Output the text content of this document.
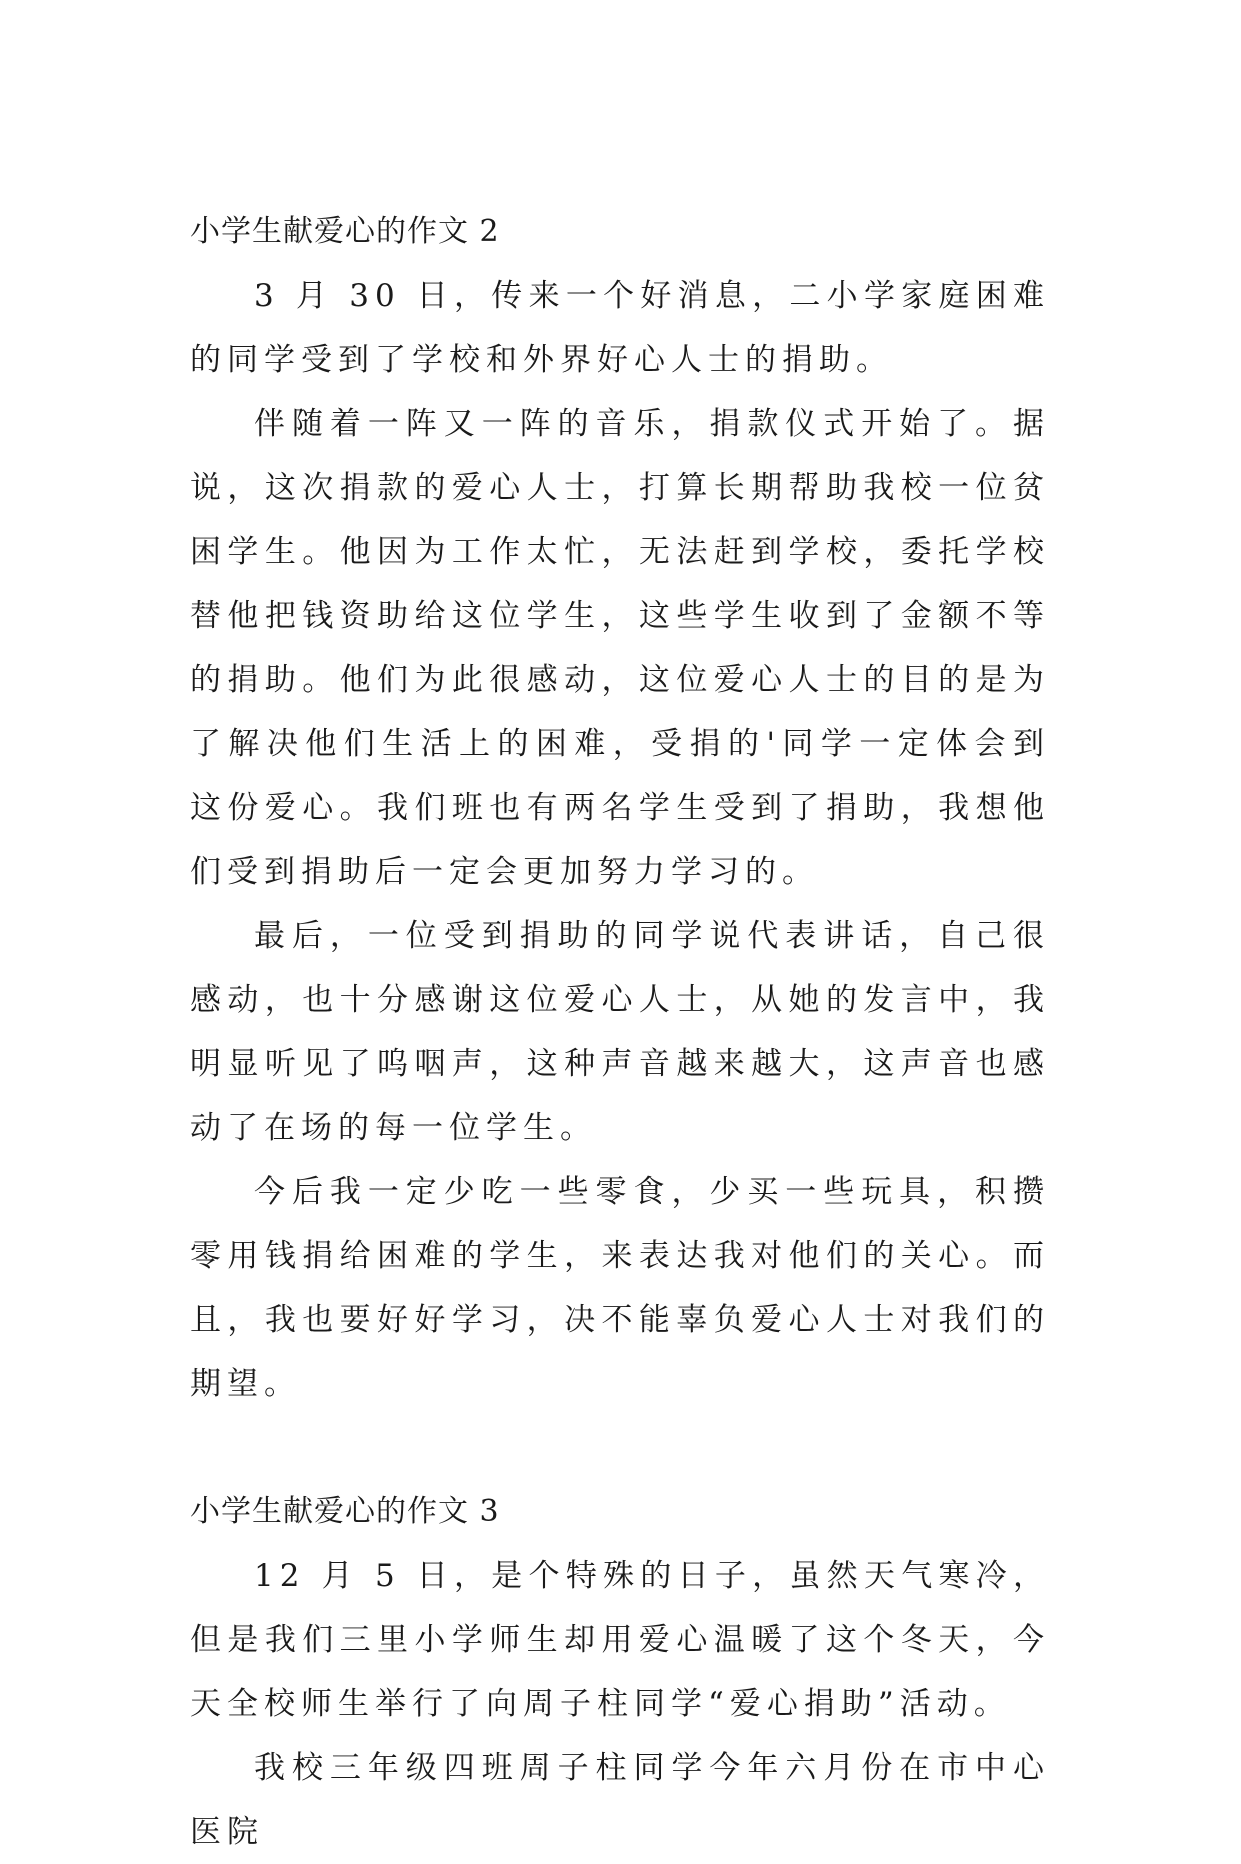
小学生献爱心的作文 2

3 月 30 日，传来一个好消息，二小学家庭困难的同学受到了学校和外界好心人士的捐助。

伴随着一阵又一阵的音乐，捐款仪式开始了。据说，这次捐款的爱心人士，打算长期帮助我校一位贫困学生。他因为工作太忙，无法赶到学校，委托学校替他把钱资助给这位学生，这些学生收到了金额不等的捐助。他们为此很感动，这位爱心人士的目的是为了解决他们生活上的困难，受捐的'同学一定体会到这份爱心。我们班也有两名学生受到了捐助，我想他们受到捐助后一定会更加努力学习的。

最后，一位受到捐助的同学说代表讲话，自己很感动，也十分感谢这位爱心人士，从她的发言中，我明显听见了呜咽声，这种声音越来越大，这声音也感动了在场的每一位学生。

今后我一定少吃一些零食，少买一些玩具，积攒零用钱捐给困难的学生，来表达我对他们的关心。而且，我也要好好学习，决不能辜负爱心人士对我们的期望。

小学生献爱心的作文 3

12 月 5 日，是个特殊的日子，虽然天气寒冷，但是我们三里小学师生却用爱心温暖了这个冬天，今天全校师生举行了向周子柱同学“爱心捐助”活动。

我校三年级四班周子柱同学今年六月份在市中心医院
